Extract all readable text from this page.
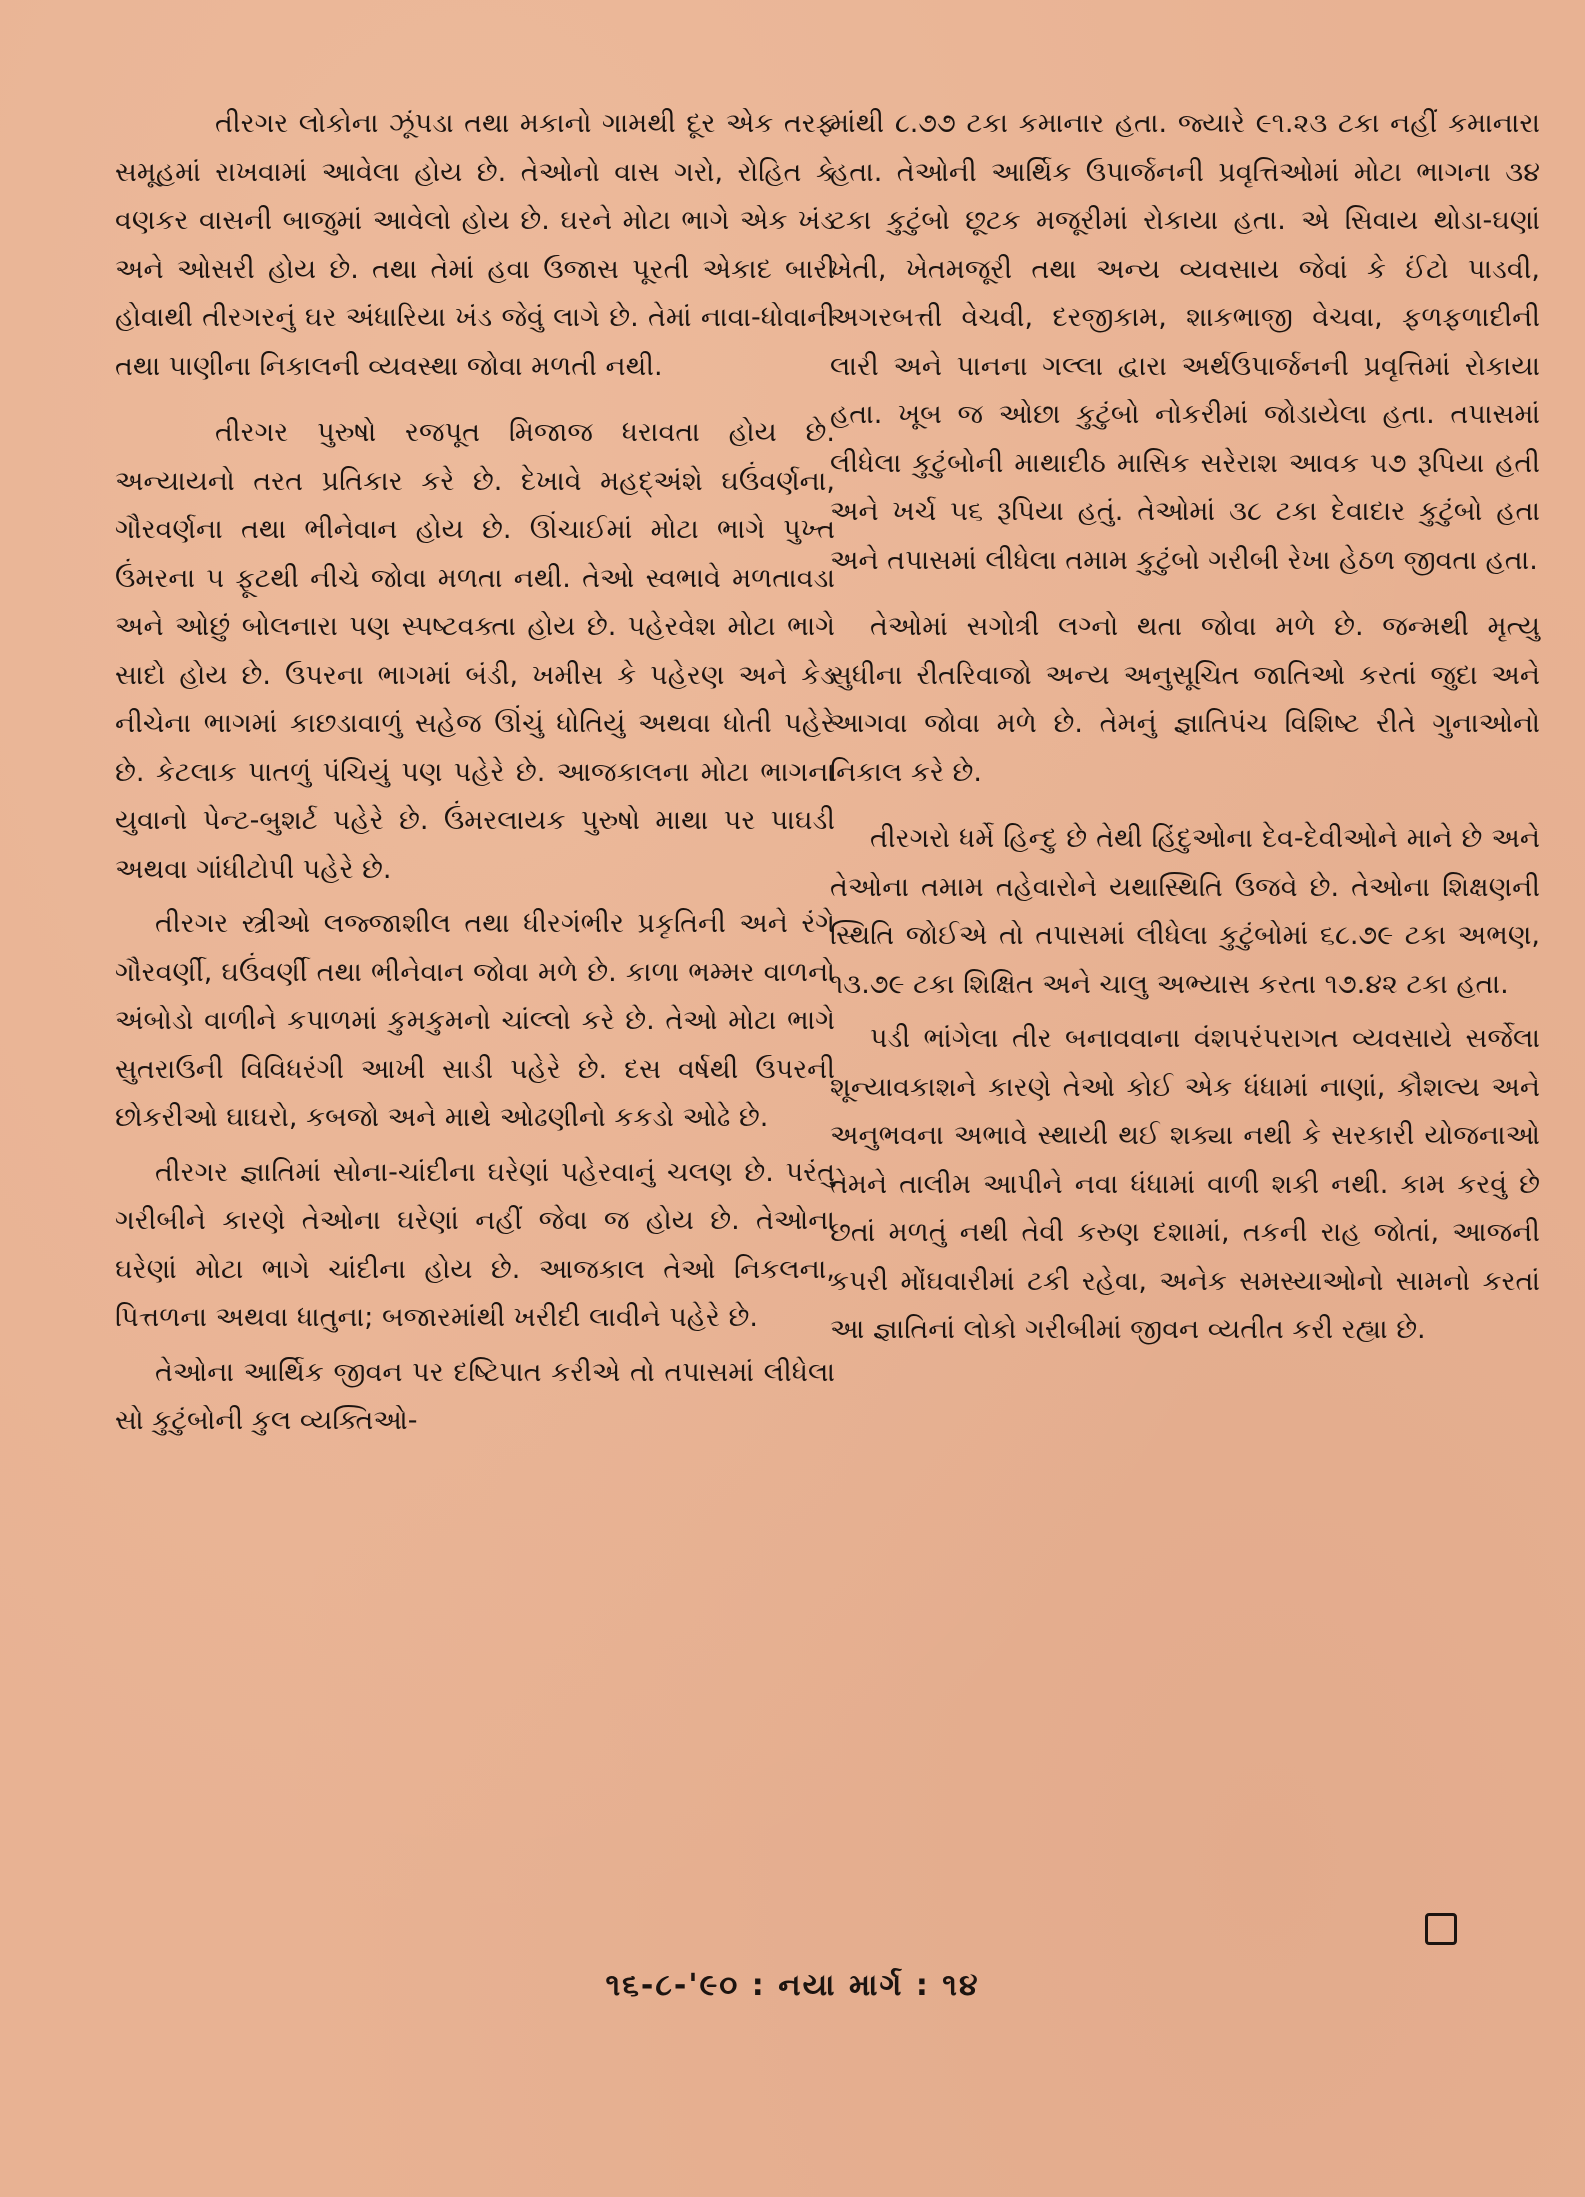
તીરગર લોકોના ઝૂંપડા તથા મકાનો ગામથી દૂર એક તરફ સમૂહમાં રાખવામાં આવેલા હોય છે. તેઓનો વાસ ગરો, રોહિત કે વણકર વાસની બાજુમાં આવેલો હોય છે. ઘરને મોટા ભાગે એક ખંડ અને ઓસરી હોય છે. તથા તેમાં હવા ઉજાસ પૂરતી એકાદ બારી હોવાથી તીરગરનું ઘર અંધારિયા ખંડ જેવું લાગે છે. તેમાં નાવા-ધોવાની તથા પાણીના નિકાલની વ્યવસ્થા જોવા મળતી નથી.

તીરગર પુરુષો રજપૂત મિજાજ ધરાવતા હોય છે. અન્યાયનો તરત પ્રતિકાર કરે છે. દેખાવે મહદ્અંશે ઘઉંવર્ણના, ગૌરવર્ણના તથા ભીનેવાન હોય છે. ઊંચાઈમાં મોટા ભાગે પુખ્ત ઉંમરના ૫ ફૂટથી નીચે જોવા મળતા નથી. તેઓ સ્વભાવે મળતાવડા અને ઓછું બોલનારા પણ સ્પષ્ટવક્તા હોય છે. પહેરવેશ મોટા ભાગે સાદો હોય છે. ઉપરના ભાગમાં બંડી, ખમીસ કે પહેરણ અને કેડ નીચેના ભાગમાં કાછડાવાળું સહેજ ઊંચું ધોતિયું અથવા ધોતી પહેરે છે. કેટલાક પાતળું પંચિયું પણ પહેરે છે. આજકાલના મોટા ભાગના યુવાનો પેન્ટ-બુશર્ટ પહેરે છે. ઉંમરલાયક પુરુષો માથા પર પાઘડી અથવા ગાંધીટોપી પહેરે છે.

તીરગર સ્ત્રીઓ લજ્જાશીલ તથા ધીરગંભીર પ્રકૃતિની અને રંગે ગૌરવર્ણી, ઘઉંવર્ણી તથા ભીનેવાન જોવા મળે છે. કાળા ભમ્મર વાળનો અંબોડો વાળીને કપાળમાં કુમકુમનો ચાંલ્લો કરે છે. તેઓ મોટા ભાગે સુતરાઉની વિવિધરંગી આખી સાડી પહેરે છે. દસ વર્ષથી ઉપરની છોકરીઓ ઘાઘરો, કબજો અને માથે ઓઢણીનો કકડો ઓઢે છે.

તીરગર જ્ઞાતિમાં સોના-ચાંદીના ઘરેણાં પહેરવાનું ચલણ છે. પરંતુ ગરીબીને કારણે તેઓના ઘરેણાં નહીં જેવા જ હોય છે. તેઓના ઘરેણાં મોટા ભાગે ચાંદીના હોય છે. આજકાલ તેઓ નિકલના, પિત્તળના અથવા ધાતુના; બજારમાંથી ખરીદી લાવીને પહેરે છે.

તેઓના આર્થિક જીવન પર દષ્ટિપાત કરીએ તો તપાસમાં લીધેલા સો કુટુંબોની કુલ વ્યક્તિઓ-

માંથી ૮.૭૭ ટકા કમાનાર હતા. જ્યારે ૯૧.૨૩ ટકા નહીં કમાનારા હતા. તેઓની આર્થિક ઉપાર્જનની પ્રવૃત્તિઓમાં મોટા ભાગના ૩૪ ટકા કુટુંબો છૂટક મજૂરીમાં રોકાયા હતા. એ સિવાય થોડા-ઘણાં ખેતી, ખેતમજૂરી તથા અન્ય વ્યવસાય જેવાં કે ઈંટો પાડવી, અગરબત્તી વેચવી, દરજીકામ, શાકભાજી વેચવા, ફળફળાદીની લારી અને પાનના ગલ્લા દ્વારા અર્થઉપાર્જનની પ્રવૃત્તિમાં રોકાયા હતા. ખૂબ જ ઓછા કુટુંબો નોકરીમાં જોડાયેલા હતા. તપાસમાં લીધેલા કુટુંબોની માથાદીઠ માસિક સરેરાશ આવક ૫૭ રૂપિયા હતી અને ખર્ચ ૫૬ રૂપિયા હતું. તેઓમાં ૩૮ ટકા દેવાદાર કુટુંબો હતા અને તપાસમાં લીધેલા તમામ કુટુંબો ગરીબી રેખા હેઠળ જીવતા હતા.

તેઓમાં સગોત્રી લગ્નો થતા જોવા મળે છે. જન્મથી મૃત્યુ સુધીના રીતરિવાજો અન્ય અનુસૂચિત જાતિઓ કરતાં જુદા અને આગવા જોવા મળે છે. તેમનું જ્ઞાતિપંચ વિશિષ્ટ રીતે ગુનાઓનો નિકાલ કરે છે.

તીરગરો ધર્મે હિન્દુ છે તેથી હિંદુઓના દેવ-દેવીઓને માને છે અને તેઓના તમામ તહેવારોને યથાસ્થિતિ ઉજવે છે. તેઓના શિક્ષણની સ્થિતિ જોઈએ તો તપાસમાં લીધેલા કુટુંબોમાં ૬૮.૭૯ ટકા અભણ, ૧૩.૭૯ ટકા શિક્ષિત અને ચાલુ અભ્યાસ કરતા ૧૭.૪૨ ટકા હતા.

પડી ભાંગેલા તીર બનાવવાના વંશપરંપરાગત વ્યવસાયે સર્જેલા શૂન્યાવકાશને કારણે તેઓ કોઈ એક ધંધામાં નાણાં, કૌશલ્ય અને અનુભવના અભાવે સ્થાયી થઈ શક્યા નથી કે સરકારી યોજનાઓ તેમને તાલીમ આપીને નવા ધંધામાં વાળી શકી નથી. કામ કરવું છે છતાં મળતું નથી તેવી કરુણ દશામાં, તકની રાહ જોતાં, આજની કપરી મોંઘવારીમાં ટકી રહેવા, અનેક સમસ્યાઓનો સામનો કરતાં આ જ્ઞાતિનાં લોકો ગરીબીમાં જીવન વ્યતીત કરી રહ્યા છે.

૧૬-૮-'૯૦ : નયા માર્ગ : ૧૪
